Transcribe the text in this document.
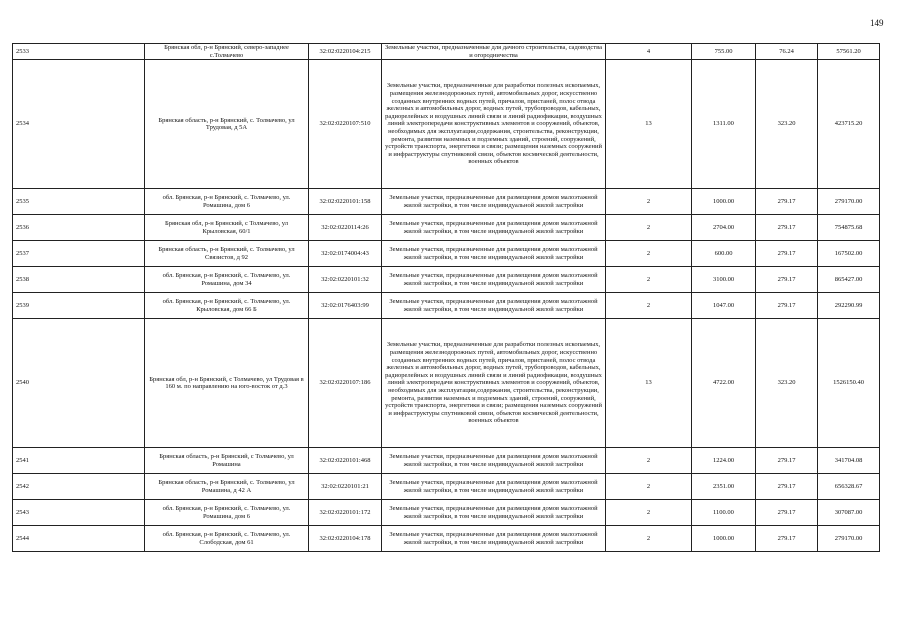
149
2533	Брянская обл, р-н Брянский, северо-западнее с.Толмачево	32:02:0220104:215	Земельные участки, предназначенные для дачного строительства, садоводства и огородничества	4	755.00	76.24	57561.20
2534	Брянская область, р-н Брянский, с. Толмачево, ул Трудовая, д 5А	32:02:0220107:510	Земельные участки, предназначенные для разработки полезных ископаемых, размещения железнодорожных путей, автомобильных дорог, искусственно созданных внутренних водных путей, причалов, пристаней, полос отвода железных и автомобильных дорог, водных путей, трубопроводов, кабельных, радиорелейных и воздушных линий связи и линий радиофикации, воздушных линий электропередачи конструктивных элементов и сооружений, объектов, необходимых для эксплуатации,содержания, строительства, реконструкции, ремонта, развития наземных и подземных зданий, строений, сооружений, устройств транспорта, энергетики и связи; размещения наземных сооружений и инфраструктуры спутниковой связи, объектов космической деятельности, военных объектов	13	1311.00	323.20	423715.20
2535	обл. Брянская, р-н Брянский, с. Толмачево, ул. Ромашина, дом 6	32:02:0220101:158	Земельные участки, предназначенные для размещения домов малоэтажной жилой застройки, в том числе индивидуальной жилой застройки	2	1000.00	279.17	279170.00
2536	Брянская обл, р-н Брянский, с Толмачево, ул Крыловская, 60/1	32:02:0220114:26	Земельные участки, предназначенные для размещения домов малоэтажной жилой застройки, в том числе индивидуальной жилой застройки	2	2704.00	279.17	754875.68
2537	Брянская область, р-н Брянский, с. Толмачево, ул Связистов, д 92	32:02:0174004:43	Земельные участки, предназначенные для размещения домов малоэтажной жилой застройки, в том числе индивидуальной жилой застройки	2	600.00	279.17	167502.00
2538	обл. Брянская, р-н Брянский, с. Толмачево, ул. Ромашина, дом 34	32:02:0220101:32	Земельные участки, предназначенные для размещения домов малоэтажной жилой застройки, в том числе индивидуальной жилой застройки	2	3100.00	279.17	865427.00
2539	обл. Брянская, р-н Брянский, с. Толмачево, ул. Крыловская, дом 66 Б	32:02:0176403:99	Земельные участки, предназначенные для размещения домов малоэтажной жилой застройки, в том числе индивидуальной жилой застройки	2	1047.00	279.17	292290.99
2540	Брянская обл, р-н Брянский, с Толмачево, ул Трудовая в 160 м. по направлению на юго-восток от д.3	32:02:0220107:186	Земельные участки, предназначенные для разработки полезных ископаемых, размещения железнодорожных путей, автомобильных дорог, искусственно созданных внутренних водных путей, причалов, пристаней, полос отвода железных и автомобильных дорог, водных путей, трубопроводов, кабельных, радиорелейных и воздушных линий связи и линий радиофикации, воздушных линий электропередачи конструктивных элементов и сооружений, объектов, необходимых для эксплуатации,содержания, строительства, реконструкции, ремонта, развития наземных и подземных зданий, строений, сооружений, устройств транспорта, энергетики и связи; размещения наземных сооружений и инфраструктуры спутниковой связи, объектов космической деятельности, военных объектов	13	4722.00	323.20	1526150.40
2541	Брянская область, р-н Брянский, с Толмачево, ул Ромашина	32:02:0220101:468	Земельные участки, предназначенные для размещения домов малоэтажной жилой застройки, в том числе индивидуальной жилой застройки	2	1224.00	279.17	341704.08
2542	Брянская область, р-н Брянский, с. Толмачево, ул Ромашина, д 42 А	32:02:0220101:21	Земельные участки, предназначенные для размещения домов малоэтажной жилой застройки, в том числе индивидуальной жилой застройки	2	2351.00	279.17	656328.67
2543	обл. Брянская, р-н Брянский, с. Толмачево, ул. Ромашина, дом 6	32:02:0220101:172	Земельные участки, предназначенные для размещения домов малоэтажной жилой застройки, в том числе индивидуальной жилой застройки	2	1100.00	279.17	307087.00
2544	обл. Брянская, р-н Брянский, с. Толмачево, ул. Слободская, дом 61	32:02:0220104:178	Земельные участки, предназначенные для размещения домов малоэтажной жилой застройки, в том числе индивидуальной жилой застройки	2	1000.00	279.17	279170.00
